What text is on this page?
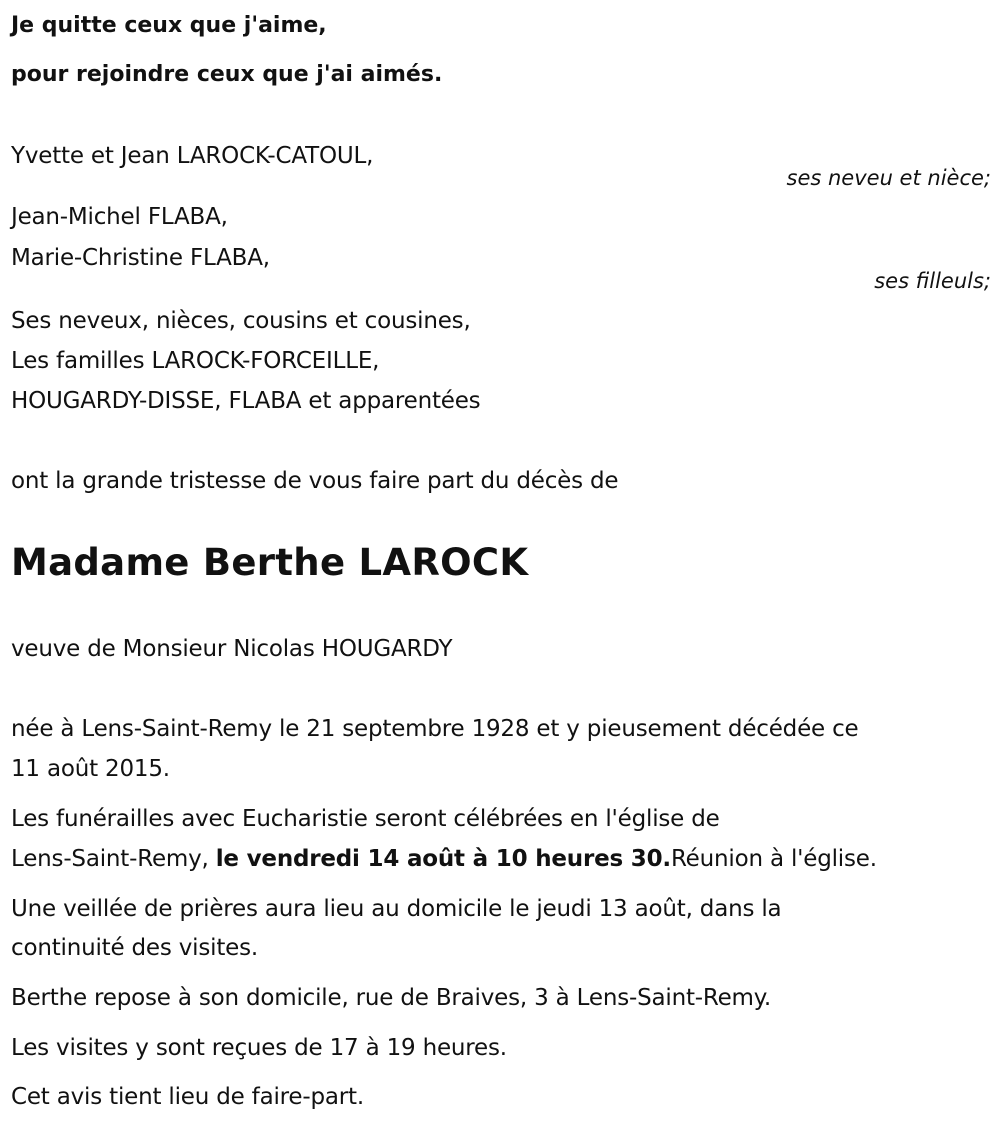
Je quitte ceux que j'aime,
pour rejoindre ceux que j'ai aimés.
Yvette et Jean LAROCK-CATOUL,
ses neveu et nièce;
Jean-Michel FLABA,
Marie-Christine FLABA,
ses filleuls;
Ses neveux, nièces, cousins et cousines,
Les familles LAROCK-FORCEILLE,
HOUGARDY-DISSE, FLABA et apparentées
ont la grande tristesse de vous faire part du décès de
Madame Berthe LAROCK
veuve de Monsieur Nicolas HOUGARDY
née à Lens-Saint-Remy le 21 septembre 1928 et y pieusement décédée ce
11 août 2015.
Les funérailles avec Eucharistie seront célébrées en l'église de
Lens-Saint-Remy, le vendredi 14 août à 10 heures 30.Réunion à l'église.
Une veillée de prières aura lieu au domicile le jeudi 13 août, dans la
continuité des visites.
Berthe repose à son domicile, rue de Braives, 3 à Lens-Saint-Remy.
Les visites y sont reçues de 17 à 19 heures.
Cet avis tient lieu de faire-part.
